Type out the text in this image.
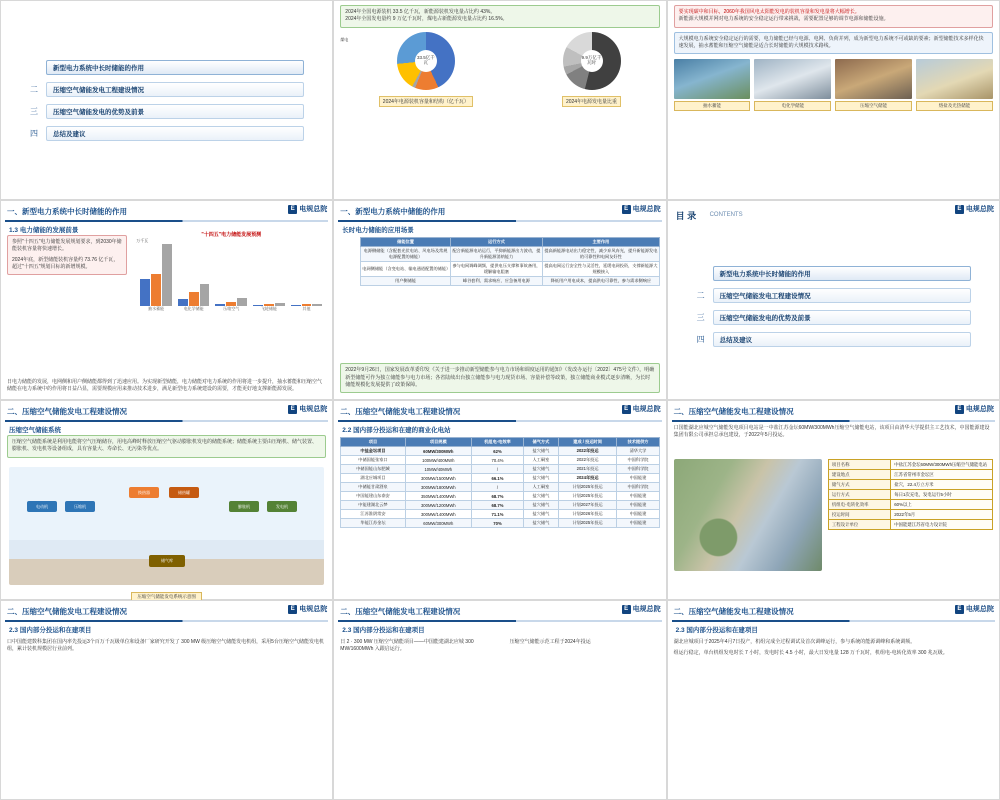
新型电力系统中长时储能的作用
二	压缩空气储能发电工程建设情况
三	压缩空气储能发电的优势及前景
四	总结及建议
2024年全国电源装机 33.5 亿千瓦，新能源装机发电量占比约 43%。
2024年全国发电量约 9 万亿千瓦时，煤电占新能源发电量占比约 16.5%。
33.5亿千瓦
2024年电源装机容量和结构（亿千瓦）
9.9万亿千瓦时
2024年电源发电量比重
煤电
要实现碳中和目标，2060年我国风电太阳能发电的装机容量和发电量将大幅增长。
新能源大规模并网对电力系统的安全稳定运行带来挑战，需要配置足够的调节电源和储能设施。
大规模电力系统安全稳定运行的需要，电力储能已经与电源、电网、负荷并列，成为新型电力系统不可或缺的要素；新型储能技术多样化快速发展，抽水蓄能和压缩空气储能是适合长时储能的大规模技术路线。
抽水蓄能	电化学储能	压缩空气储能	熔盐及光热储能
一、新型电力系统中长时储能的作用	E 电规总院
1.3 电力储能的发展前景
参照"十四五"电力储能发展规划要求，到2030年储能装机容量将快速增长。
2024年底，新型储能装机容量约 73.76 亿千瓦，超过"十四五"规划目标的新增规模。
"十四五"电力储能发展预测
万千瓦
抽水蓄能	电化学储能	压缩空气	飞轮储能	其他
日电力储能的发展，电网侧和用户侧储能都得到了迅速应用。为实现新型储能，电力储能对电力系统的作用将进一步提升，抽水蓄能和压缩空气储能在电力系统中的作用将日益凸显，需要规模应用来推动技术进步，满足新型电力系统建设的需要，才能更好地支撑新能源发展。
一、新型电力系统中储能的作用	E 电规总院
长时电力储能的应用场景
储能位置	运行方式	主要作用
电源侧储能（含配套光伏电站、风电场及常规电源配置的储能）	配合新能源电站运行，平抑新能源出力波动，提升新能源消纳能力	提高新能源电站出力稳定性，减少弃风弃光，提升新能源发电的可靠性和电网友好性
电网侧储能（含变电站、输电通道配置的储能）	参与电网调峰调频，提供电压支撑和事故备用，缓解输电阻塞	提高电网运行安全性与灵活性，延缓电网投资，支撑新能源大规模接入
用户侧储能	峰谷套利、需求响应、应急备用电源	降低用户用电成本，提高供电可靠性，参与需求侧响应
2022年9月26日，国家发展改革委印发《关于进一步推动新型储能参与电力市场和调度运用的通知》（发改办运行〔2022〕475号文件），明确新型储能可作为独立储能参与电力市场；各省陆续出台独立储能参与电力现货市场、容量补偿等政策，独立储能商业模式逐步清晰，为长时储能规模化发展提供了政策保障。
E 电规总院
目 录 CONTENTS
新型电力系统中长时储能的作用
二	压缩空气储能发电工程建设情况
三	压缩空气储能发电的优势及前景
四	总结及建议
二、压缩空气储能发电工程建设情况	E 电规总院
压缩空气储能系统
压缩空气储能系统是利用电能将空气压缩储存，用电高峰时释放压缩空气驱动膨胀机发电的储能系统；储能系统主要由压缩机、储气装置、膨胀机、发电机等设备组成，具有容量大、寿命长、无污染等优点。
电动机	压缩机
换热器	储热罐
膨胀机	发电机
储气库
压缩空气储能发电系统示意图
二、压缩空气储能发电工程建设情况	E 电规总院
2.2 国内部分投运和在建的商业化电站
项目	项目规模	机组电-电效率	储气方式	建成 / 投运时间	技术提供方
中盐金坛项目	60MW/300MWh	62%	盐穴储气	2022年投运	清华大学
中储国能张家口	100MW/400MWh	70.4%	人工硐室	2022年投运	中国科学院
中储国能山东肥城	10MW/40MWh	/	盐穴储气	2021年投运	中国科学院
湖北应城项目	300MW/1500MWh	66.1%	盐穴储气	2024年投运	中国能建
中储能甘肃酒泉	300MW/1800MWh	/	人工硐室	计划2025年投运	中国科学院
中国能建山东泰安	350MW/1400MWh	68.7%	盐穴储气	计划2025年投运	中国能建
中能建湖北云梦	300MW/1200MWh	68.7%	盐穴储气	计划2027年投运	中国能建
江苏淮阴常安	300MW/1400MWh	71.1%	盐穴储气	计划2026年投运	中国能建
华能江苏金坛	60MW/300MWh	70%	盐穴储气	计划2025年投运	中国能建
二、压缩空气储能发电工程建设情况	E 电规总院
口国能湖北应城空气储能发电项目电站是一中盐江苏金坛60MW/300MWh压缩空气储能电站，该项目由清华大学提供主工艺技术，中国能源建设集团有限公司承担总承包建设，于2022年5月投运。
项目名称	中盐江苏金坛60MW/300MWh压缩空气储能电站
建设地点	江苏省常州市金坛区
储气方式	盐穴，22.4万立方米
运行方式	每日1次充电，发电运行5小时
机组电-电转化效率	60%以上
投运时间	2022年5月
工程设计单位	中国能建江苏省电力设计院
二、压缩空气储能发电工程建设情况	E 电规总院
2.3 国内部分投运和在建项目
口中国能建数科集团在国内率先投运3个百万千瓦级单位和设备厂家研究开发了 300 MW 级压缩空气储能发电机组，采用5台压缩空气储能发电机组，累计装机规模居行业前列。
二、压缩空气储能发电工程建设情况	E 电规总院
2.3 国内部分投运和在建项目
日 2 · 300 MW 压缩空气储能项目——中国能建湖北应城 300 MW/1600MWh 入跟启运行。
压缩空气储能示范工程于2024年投运
二、压缩空气储能发电工程建设情况	E 电规总院
2.3 国内部分投运和在建项目
湖北应城项目于2025年4月7日投产，机组完成全过程调试及首次调峰运行，参与系统的能源调峰和系统调频。
组运行稳定，单台机组发电时长 7 小时，发电时长 4.5 小时，最大日发电量 128 万千瓦时，机组电-电转化效率 300 兆瓦级。
